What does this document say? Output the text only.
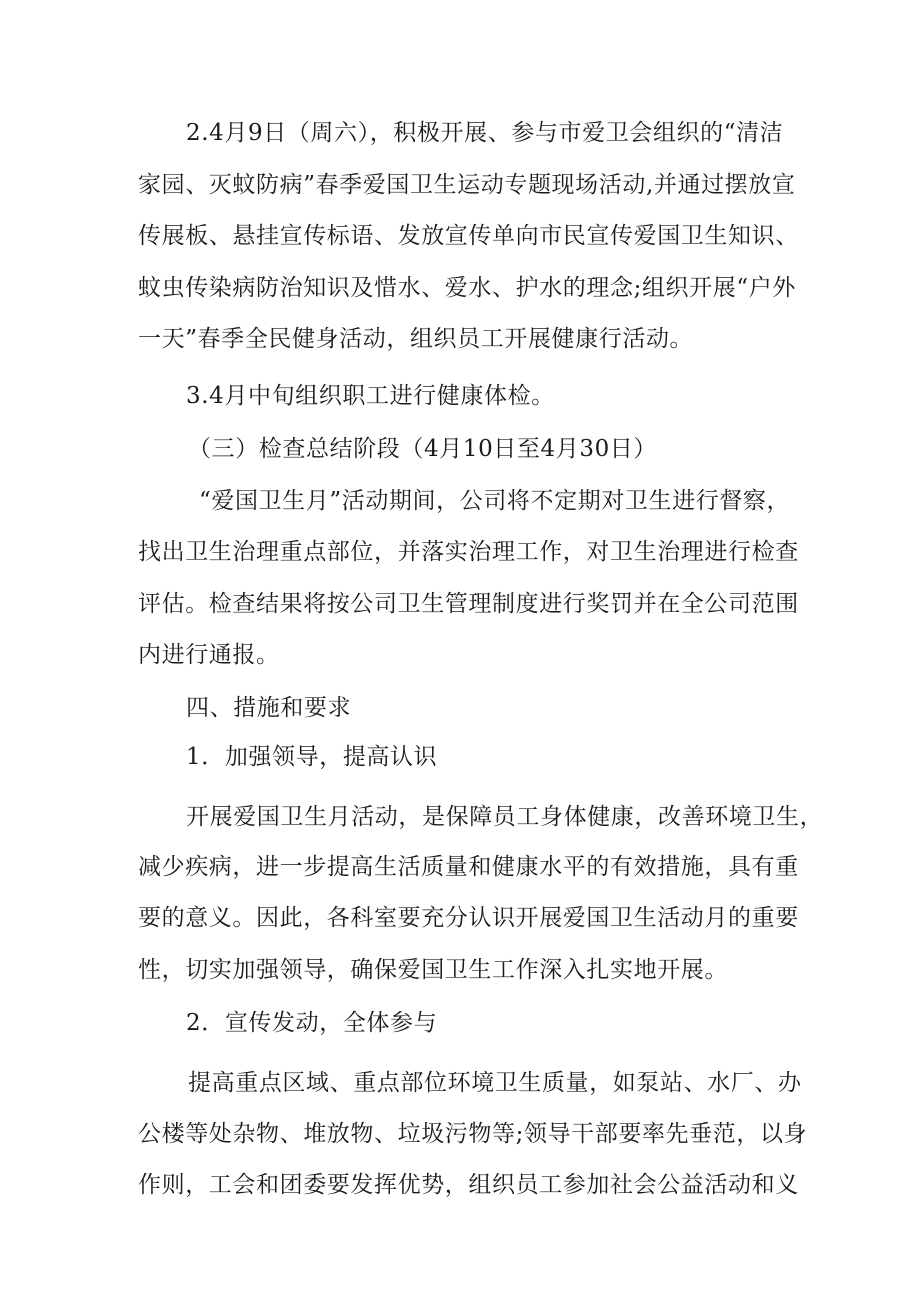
2.4月9日（周六），积极开展、参与市爱卫会组织的“清洁
家园、灭蚊防病”春季爱国卫生运动专题现场活动,并通过摆放宣
传展板、悬挂宣传标语、发放宣传单向市民宣传爱国卫生知识、
蚊虫传染病防治知识及惜水、爱水、护水的理念;组织开展“户外
一天”春季全民健身活动，组织员工开展健康行活动。
3.4月中旬组织职工进行健康体检。
（三）检查总结阶段（4月10日至4月30日）
“爱国卫生月”活动期间，公司将不定期对卫生进行督察，
找出卫生治理重点部位，并落实治理工作，对卫生治理进行检查
评估。检查结果将按公司卫生管理制度进行奖罚并在全公司范围
内进行通报。
四、措施和要求
1．加强领导，提高认识
开展爱国卫生月活动，是保障员工身体健康，改善环境卫生，
减少疾病，进一步提高生活质量和健康水平的有效措施，具有重
要的意义。因此，各科室要充分认识开展爱国卫生活动月的重要
性，切实加强领导，确保爱国卫生工作深入扎实地开展。
2．宣传发动，全体参与
提高重点区域、重点部位环境卫生质量，如泵站、水厂、办
公楼等处杂物、堆放物、垃圾污物等;领导干部要率先垂范，以身
作则，工会和团委要发挥优势，组织员工参加社会公益活动和义
